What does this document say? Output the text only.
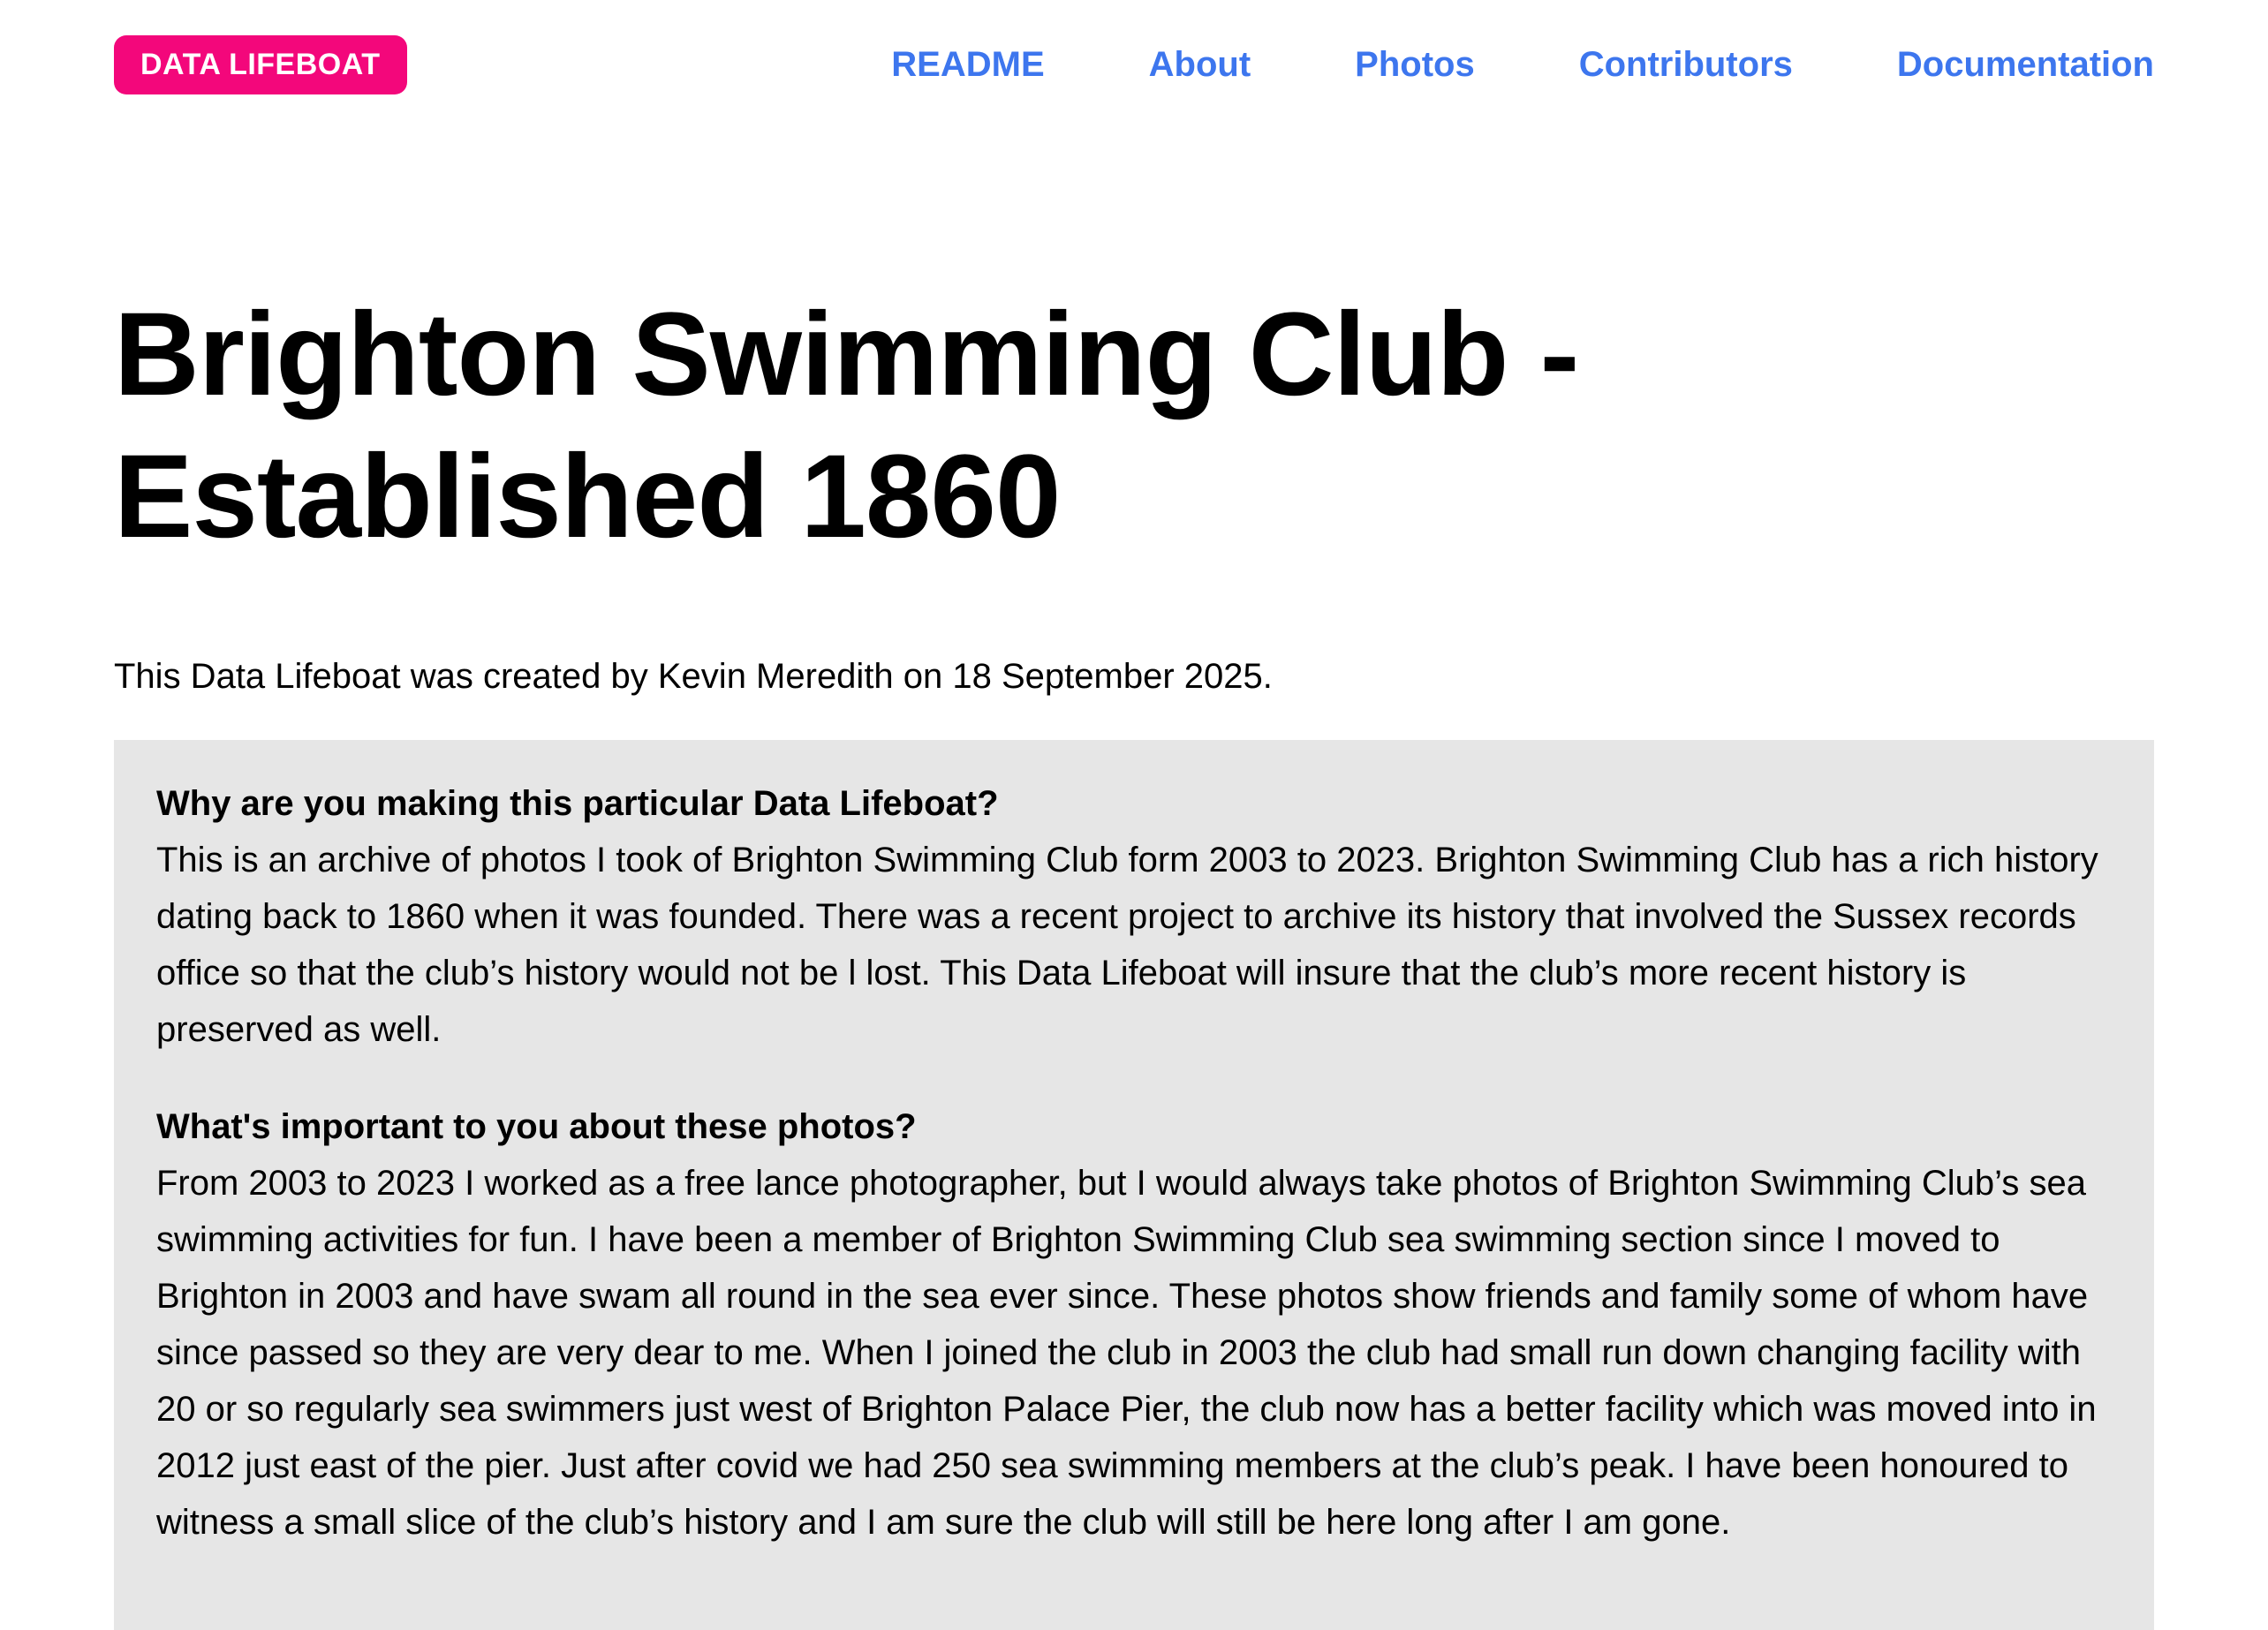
DATA LIFEBOAT	README	About	Photos	Contributors	Documentation
Brighton Swimming Club - Established 1860

This Data Lifeboat was created by Kevin Meredith on 18 September 2025.

Why are you making this particular Data Lifeboat?
This is an archive of photos I took of Brighton Swimming Club form 2003 to 2023. Brighton Swimming Club has a rich history dating back to 1860 when it was founded. There was a recent project to archive its history that involved the Sussex records office so that the club’s history would not be l lost. This Data Lifeboat will insure that the club’s more recent history is preserved as well.
What's important to you about these photos?
From 2003 to 2023 I worked as a free lance photographer, but I would always take photos of Brighton Swimming Club’s sea swimming activities for fun. I have been a member of Brighton Swimming Club sea swimming section since I moved to Brighton in 2003 and have swam all round in the sea ever since. These photos show friends and family some of whom have since passed so they are very dear to me. When I joined the club in 2003 the club had small run down changing facility with 20 or so regularly sea swimmers just west of Brighton Palace Pier, the club now has a better facility which was moved into in 2012 just east of the pier. Just after covid we had 250 sea swimming members at the club’s peak. I have been honoured to witness a small slice of the club’s history and I am sure the club will still be here long after I am gone.
